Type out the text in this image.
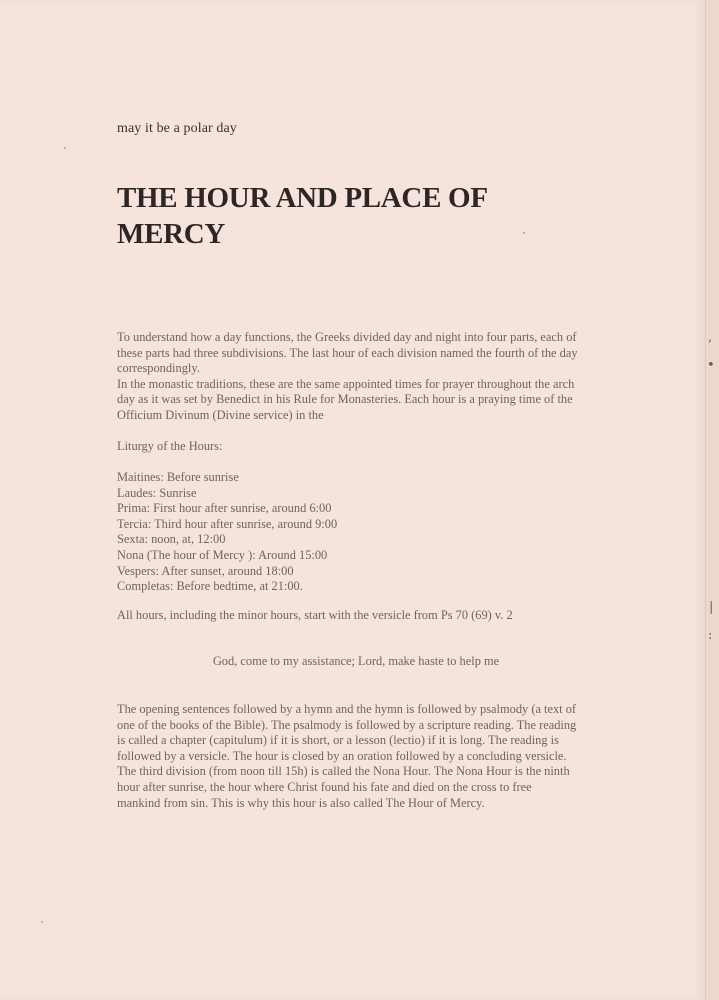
may it be a polar day
THE HOUR AND PLACE OF
MERCY

To understand how a day functions, the Greeks divided day and night into four parts, each of
these parts had three subdivisions. The last hour of each division named the fourth of the day
correspondingly.

In the monastic traditions, these are the same appointed times for prayer throughout the arch
day as it was set by Benedict in his Rule for Monasteries. Each hour is a praying time of the
Officium Divinum (Divine service) in the

Liturgy of the Hours:
Maitines: Before sunrise
Laudes: Sunrise
Prima: First hour after sunrise, around 6:00
Tercia: Third hour after sunrise, around 9:00
Sexta: noon, at, 12:00
Nona (The hour of Mercy ): Around 15:00
Vespers: After sunset, around 18:00
Completas: Before bedtime, at 21:00.
All hours, including the minor hours, start with the versicle from Ps 70 (69) v. 2
God, come to my assistance; Lord, make haste to help me

The opening sentences followed by a hymn and the hymn is followed by psalmody (a text of
one of the books of the Bible). The psalmody is followed by a scripture reading. The reading
is called a chapter (capitulum) if it is short, or a lesson (lectio) if it is long. The reading is
followed by a versicle. The hour is closed by an oration followed by a concluding versicle.
The third division (from noon till 15h) is called the Nona Hour. The Nona Hour is the ninth
hour after sunrise, the hour where Christ found his fate and died on the cross to free
mankind from sin. This is why this hour is also called The Hour of Mercy.

,
•
|
:
